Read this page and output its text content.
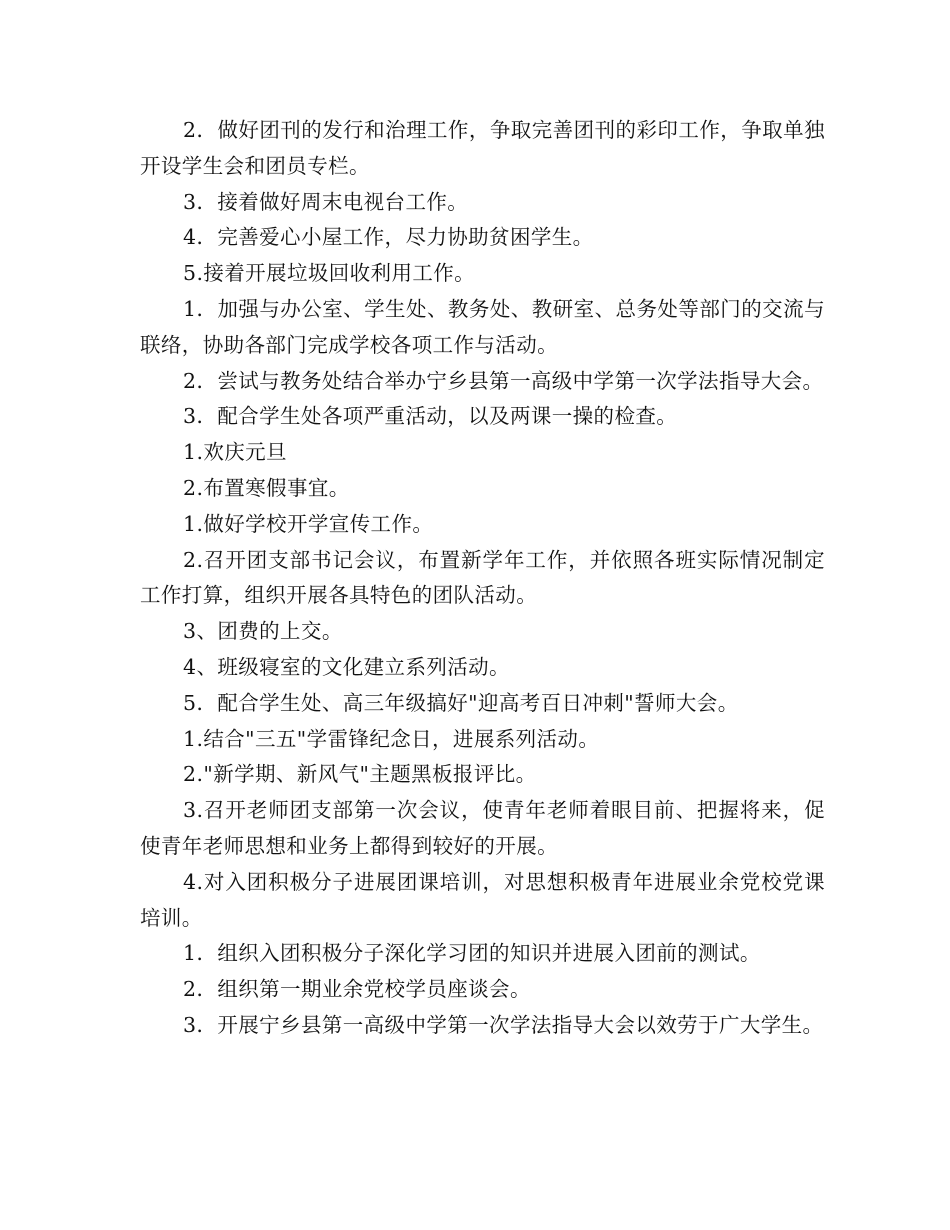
2．做好团刊的发行和治理工作，争取完善团刊的彩印工作，争取单独开设学生会和团员专栏。

3．接着做好周末电视台工作。

4．完善爱心小屋工作，尽力协助贫困学生。

5.接着开展垃圾回收利用工作。

1．加强与办公室、学生处、教务处、教研室、总务处等部门的交流与联络，协助各部门完成学校各项工作与活动。

2．尝试与教务处结合举办宁乡县第一高级中学第一次学法指导大会。

3．配合学生处各项严重活动，以及两课一操的检查。

1.欢庆元旦

2.布置寒假事宜。

1.做好学校开学宣传工作。

2.召开团支部书记会议，布置新学年工作，并依照各班实际情况制定工作打算，组织开展各具特色的团队活动。

3、团费的上交。

4、班级寝室的文化建立系列活动。

5．配合学生处、高三年级搞好"迎高考百日冲刺"誓师大会。

1.结合"三五"学雷锋纪念日，进展系列活动。

2."新学期、新风气"主题黑板报评比。

3.召开老师团支部第一次会议，使青年老师着眼目前、把握将来，促使青年老师思想和业务上都得到较好的开展。

4.对入团积极分子进展团课培训，对思想积极青年进展业余党校党课培训。

1．组织入团积极分子深化学习团的知识并进展入团前的测试。

2．组织第一期业余党校学员座谈会。

3．开展宁乡县第一高级中学第一次学法指导大会以效劳于广大学生。
